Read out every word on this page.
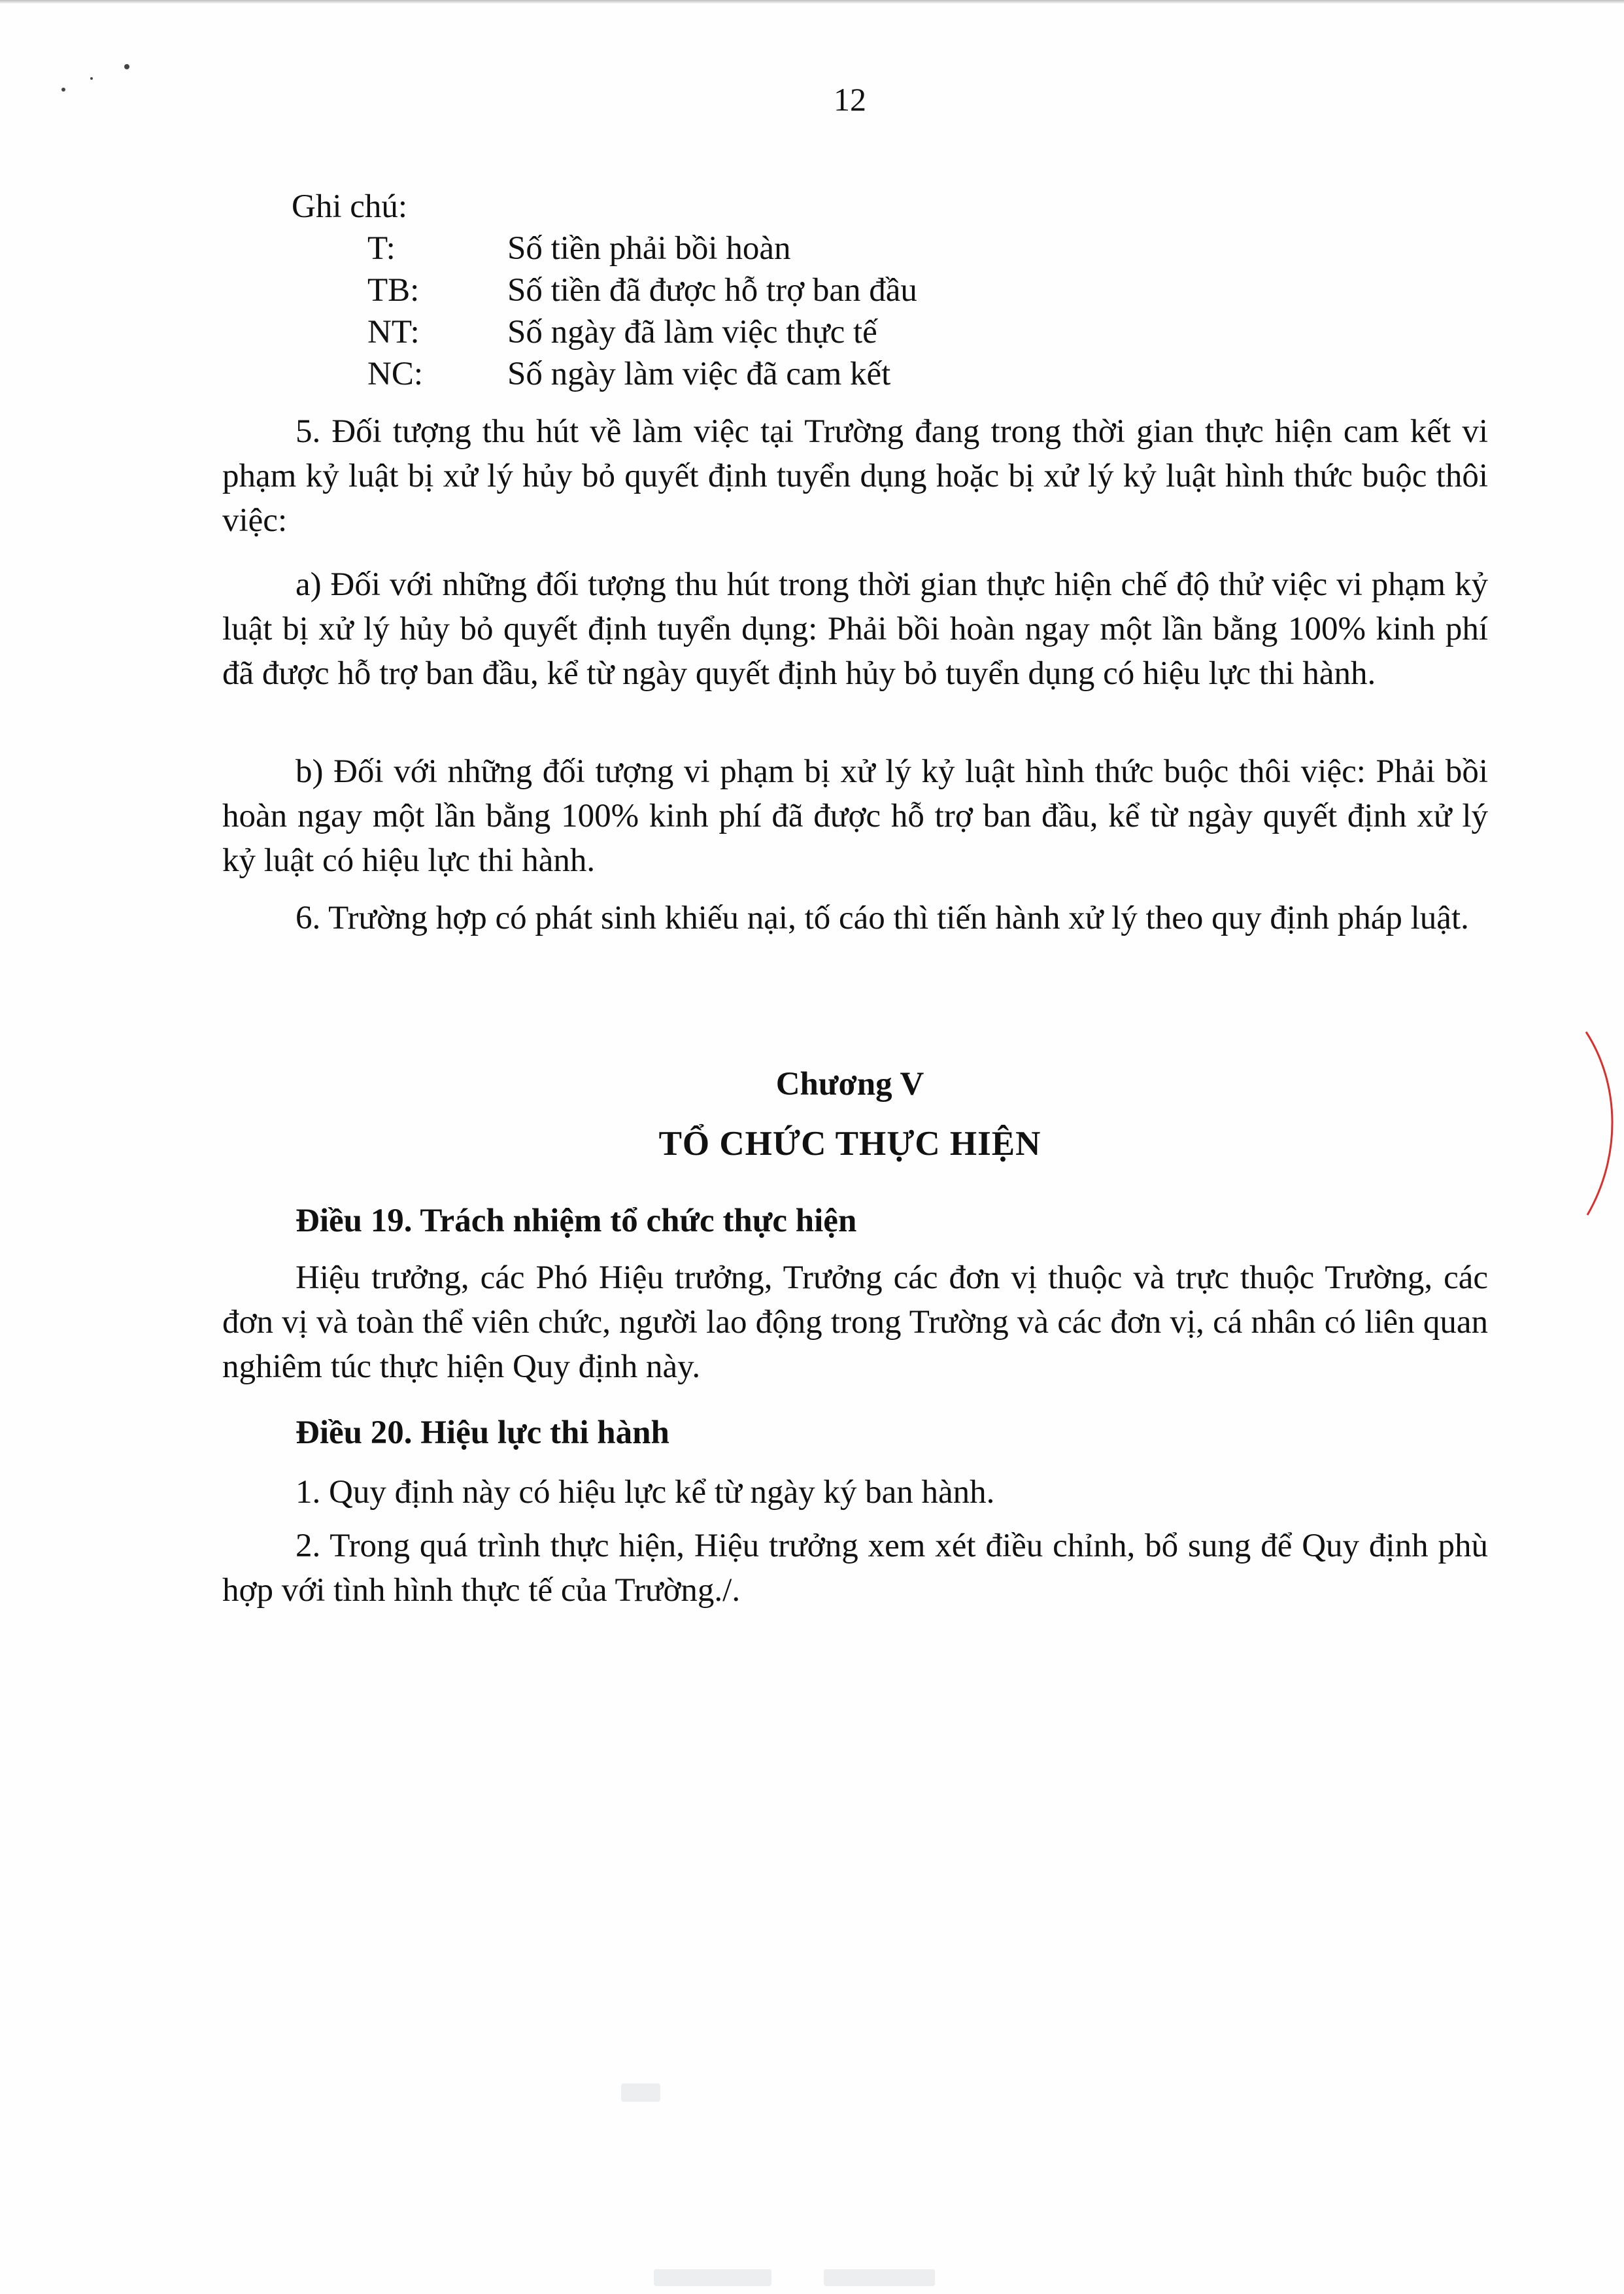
12
Ghi chú:
T:	Số tiền phải bồi hoàn
TB:	Số tiền đã được hỗ trợ ban đầu
NT:	Số ngày đã làm việc thực tế
NC:	Số ngày làm việc đã cam kết

5. Đối tượng thu hút về làm việc tại Trường đang trong thời gian thực hiện cam kết vi phạm kỷ luật bị xử lý hủy bỏ quyết định tuyển dụng hoặc bị xử lý kỷ luật hình thức buộc thôi việc:

a) Đối với những đối tượng thu hút trong thời gian thực hiện chế độ thử việc vi phạm kỷ luật bị xử lý hủy bỏ quyết định tuyển dụng: Phải bồi hoàn ngay một lần bằng 100% kinh phí đã được hỗ trợ ban đầu, kể từ ngày quyết định hủy bỏ tuyển dụng có hiệu lực thi hành.

b) Đối với những đối tượng vi phạm bị xử lý kỷ luật hình thức buộc thôi việc: Phải bồi hoàn ngay một lần bằng 100% kinh phí đã được hỗ trợ ban đầu, kể từ ngày quyết định xử lý kỷ luật có hiệu lực thi hành.

6. Trường hợp có phát sinh khiếu nại, tố cáo thì tiến hành xử lý theo quy định pháp luật.

Chương V
TỔ CHỨC THỰC HIỆN
Điều 19. Trách nhiệm tổ chức thực hiện

Hiệu trưởng, các Phó Hiệu trưởng, Trưởng các đơn vị thuộc và trực thuộc Trường, các đơn vị và toàn thể viên chức, người lao động trong Trường và các đơn vị, cá nhân có liên quan nghiêm túc thực hiện Quy định này.

Điều 20. Hiệu lực thi hành

1. Quy định này có hiệu lực kể từ ngày ký ban hành.

2. Trong quá trình thực hiện, Hiệu trưởng xem xét điều chỉnh, bổ sung để Quy định phù hợp với tình hình thực tế của Trường./.
